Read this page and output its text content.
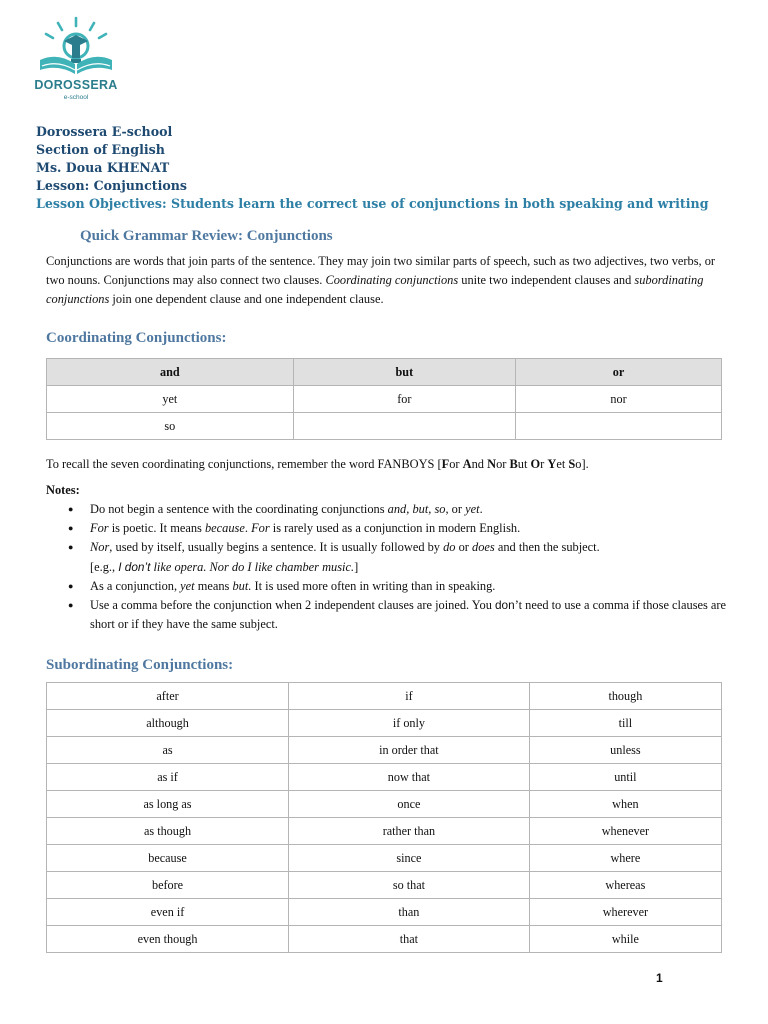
DOROSSERA
e-school
Dorossera E-school
Section of English
Ms. Doua KHENAT
Lesson: Conjunctions
Lesson Objectives: Students learn the correct use of conjunctions in both speaking and writing
Quick Grammar Review: Conjunctions
Conjunctions are words that join parts of the sentence. They may join two similar parts of speech, such as two adjectives, two verbs, or two nouns. Conjunctions may also connect two clauses. Coordinating conjunctions unite two independent clauses and subordinating conjunctions join one dependent clause and one independent clause.
Coordinating Conjunctions:
and	but	or
yet	for	nor
so		
To recall the seven coordinating conjunctions, remember the word FANBOYS [For And Nor But Or Yet So].
Notes:
● Do not begin a sentence with the coordinating conjunctions and, but, so, or yet.
● For is poetic. It means because. For is rarely used as a conjunction in modern English.
● Nor, used by itself, usually begins a sentence. It is usually followed by do or does and then the subject.
[e.g., I don’t like opera. Nor do I like chamber music.]
● As a conjunction, yet means but. It is used more often in writing than in speaking.
● Use a comma before the conjunction when 2 independent clauses are joined. You don’t need to use a comma if those clauses are short or if they have the same subject.
Subordinating Conjunctions:
after	if	though
although	if only	till
as	in order that	unless
as if	now that	until
as long as	once	when
as though	rather than	whenever
because	since	where
before	so that	whereas
even if	than	wherever
even though	that	while
1
